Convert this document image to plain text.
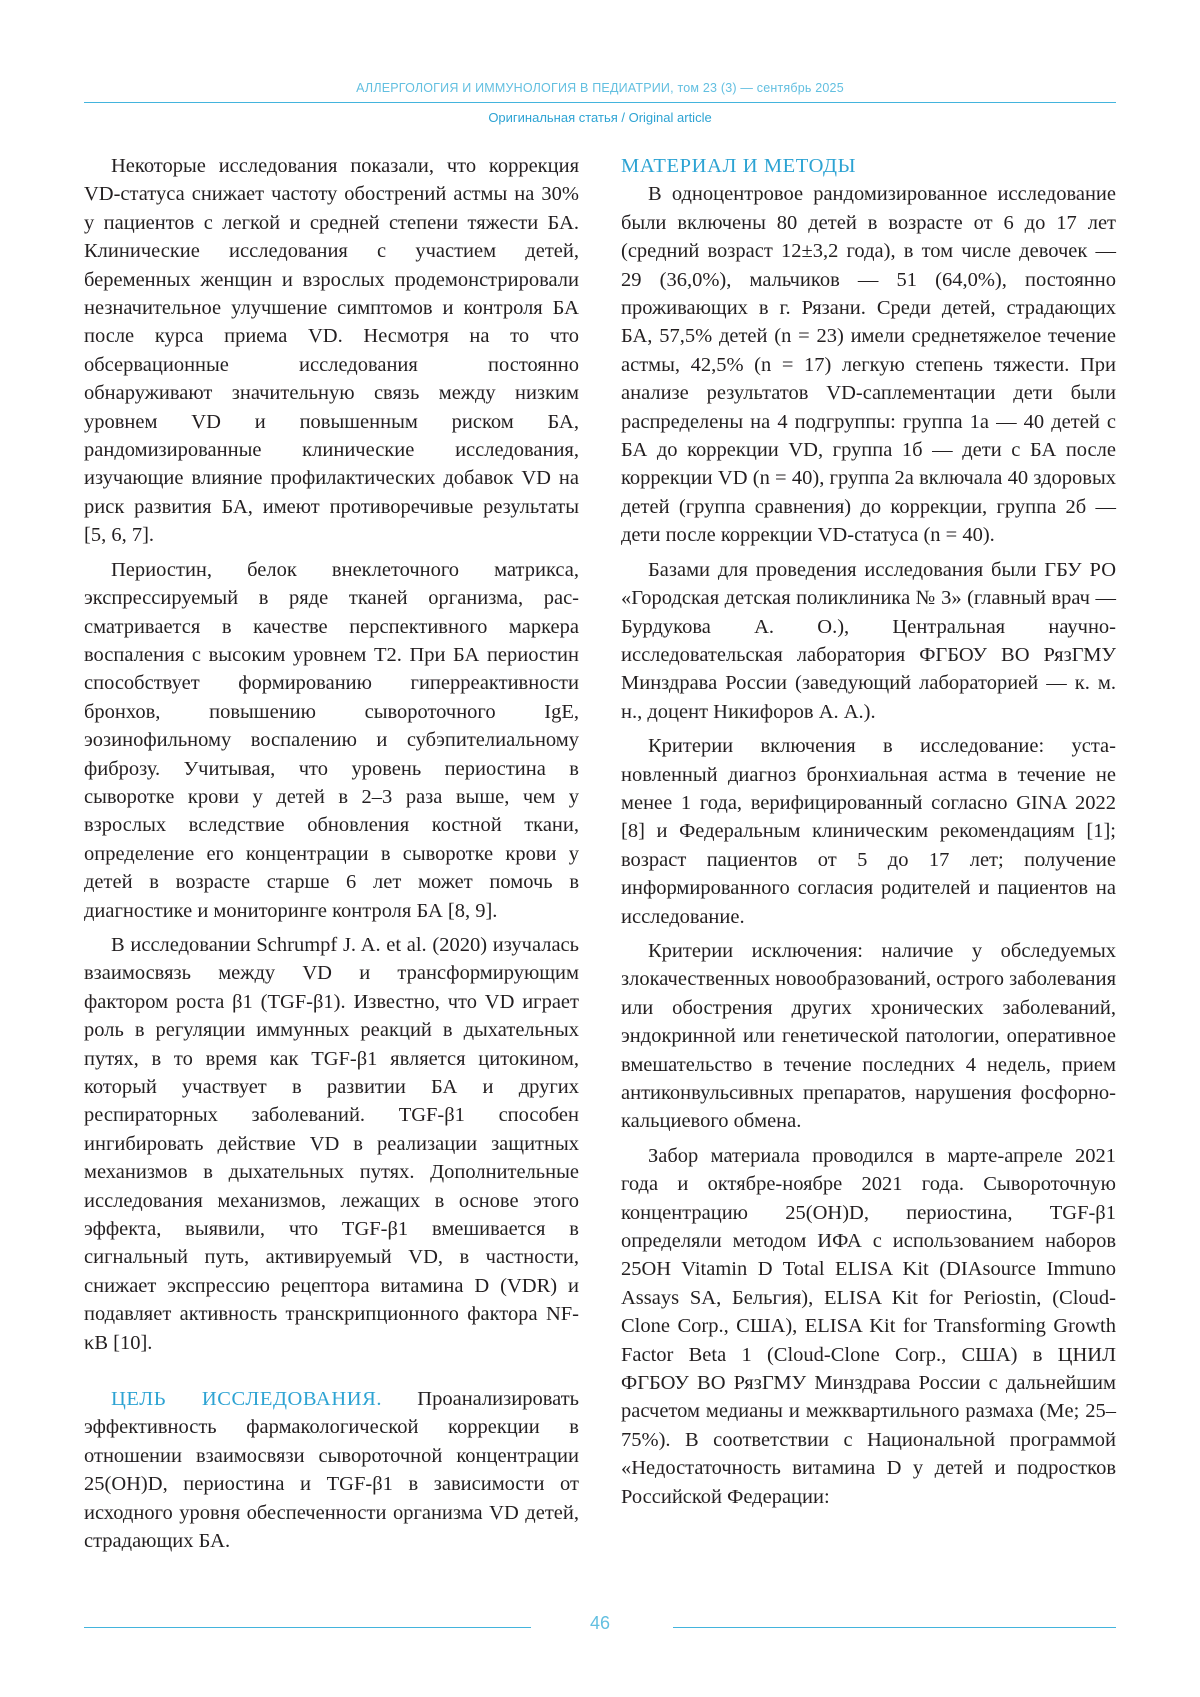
АЛЛЕРГОЛОГИЯ И ИММУНОЛОГИЯ В ПЕДИАТРИИ, том 23 (3) — сентябрь 2025
Оригинальная статья / Original article

Некоторые исследования показали, что коррекция VD-статуса снижает частоту обострений астмы на 30% у пациентов с легкой и средней степени тяжести БА. Клинические исследования с участием детей, беременных женщин и взрослых продемонстрировали незначительное улучшение симптомов и контроля БА после курса приема VD. Несмотря на то что обсервационные исследования постоянно обнаруживают значительную связь между низким уровнем VD и повышенным риском БА, рандомизированные клинические исследования, изучающие влияние профилактических добавок VD на риск развития БА, имеют противоречивые результаты [5, 6, 7].

Периостин, белок внеклеточного матрикса, экспрессируемый в ряде тканей организма, рассматривается в качестве перспективного маркера воспаления с высоким уровнем Т2. При БА периостин способствует формированию гиперреактивности бронхов, повышению сывороточного IgE, эозинофильному воспалению и субэпителиальному фиброзу. Учитывая, что уровень периостина в сыворотке крови у детей в 2–3 раза выше, чем у взрослых вследствие обновления костной ткани, определение его концентрации в сыворотке крови у детей в возрасте старше 6 лет может помочь в диагностике и мониторинге контроля БА [8, 9].

В исследовании Schrumpf J. A. et al. (2020) изучалась взаимосвязь между VD и трансформирующим фактором роста β1 (TGF-β1). Известно, что VD играет роль в регуляции иммунных реакций в дыхательных путях, в то время как TGF-β1 является цитокином, который участвует в развитии БА и других респираторных заболеваний. TGF-β1 способен ингибировать действие VD в реализации защитных механизмов в дыхательных путях. Дополнительные исследования механизмов, лежащих в основе этого эффекта, выявили, что TGF-β1 вмешивается в сигнальный путь, активируемый VD, в частности, снижает экспрессию рецептора витамина D (VDR) и подавляет активность транскрипционного фактора NF-κB [10].

ЦЕЛЬ ИССЛЕДОВАНИЯ. Проанализировать эффективность фармакологической коррекции в отношении взаимосвязи сывороточной концентрации 25(OH)D, периостина и TGF-β1 в зависимости от исходного уровня обеспеченности организма VD детей, страдающих БА.

МАТЕРИАЛ И МЕТОДЫ

В одноцентровое рандомизированное исследование были включены 80 детей в возрасте от 6 до 17 лет (средний возраст 12±3,2 года), в том числе девочек — 29 (36,0%), мальчиков — 51 (64,0%), постоянно проживающих в г. Рязани. Среди детей, страдающих БА, 57,5% детей (n = 23) имели среднетяжелое течение астмы, 42,5% (n = 17) легкую степень тяжести. При анализе результатов VD-саплементации дети были распределены на 4 подгруппы: группа 1а — 40 детей с БА до коррекции VD, группа 1б — дети с БА после коррекции VD (n = 40), группа 2а включала 40 здоровых детей (группа сравнения) до коррекции, группа 2б — дети после коррекции VD-статуса (n = 40).

Базами для проведения исследования были ГБУ РО «Городская детская поликлиника № 3» (главный врач — Бурдукова А. О.), Центральная научно-исследовательская лаборатория ФГБОУ ВО РязГМУ Минздрава России (заведующий лабораторией — к. м. н., доцент Никифоров А. А.).

Критерии включения в исследование: установленный диагноз бронхиальная астма в течение не менее 1 года, верифицированный согласно GINA 2022 [8] и Федеральным клиническим рекомендациям [1]; возраст пациентов от 5 до 17 лет; получение информированного согласия родителей и пациентов на исследование.

Критерии исключения: наличие у обследуемых злокачественных новообразований, острого заболевания или обострения других хронических заболеваний, эндокринной или генетической патологии, оперативное вмешательство в течение последних 4 недель, прием антиконвульсивных препаратов, нарушения фосфорно-кальциевого обмена.

Забор материала проводился в марте-апреле 2021 года и октябре-ноябре 2021 года. Сывороточную концентрацию 25(OH)D, периостина, TGF-β1 определяли методом ИФА с использованием наборов 25OH Vitamin D Total ELISA Kit (DIAsource Immuno Assays SA, Бельгия), ELISA Kit for Periostin, (Cloud-Clone Corp., США), ELISA Kit for Transforming Growth Factor Beta 1 (Cloud-Clone Corp., США) в ЦНИЛ ФГБОУ ВО РязГМУ Минздрава России с дальнейшим расчетом медианы и межквартильного размаха (Me; 25–75%). В соответствии с Национальной программой «Недостаточность витамина D у детей и подростков Российской Федерации:

46
